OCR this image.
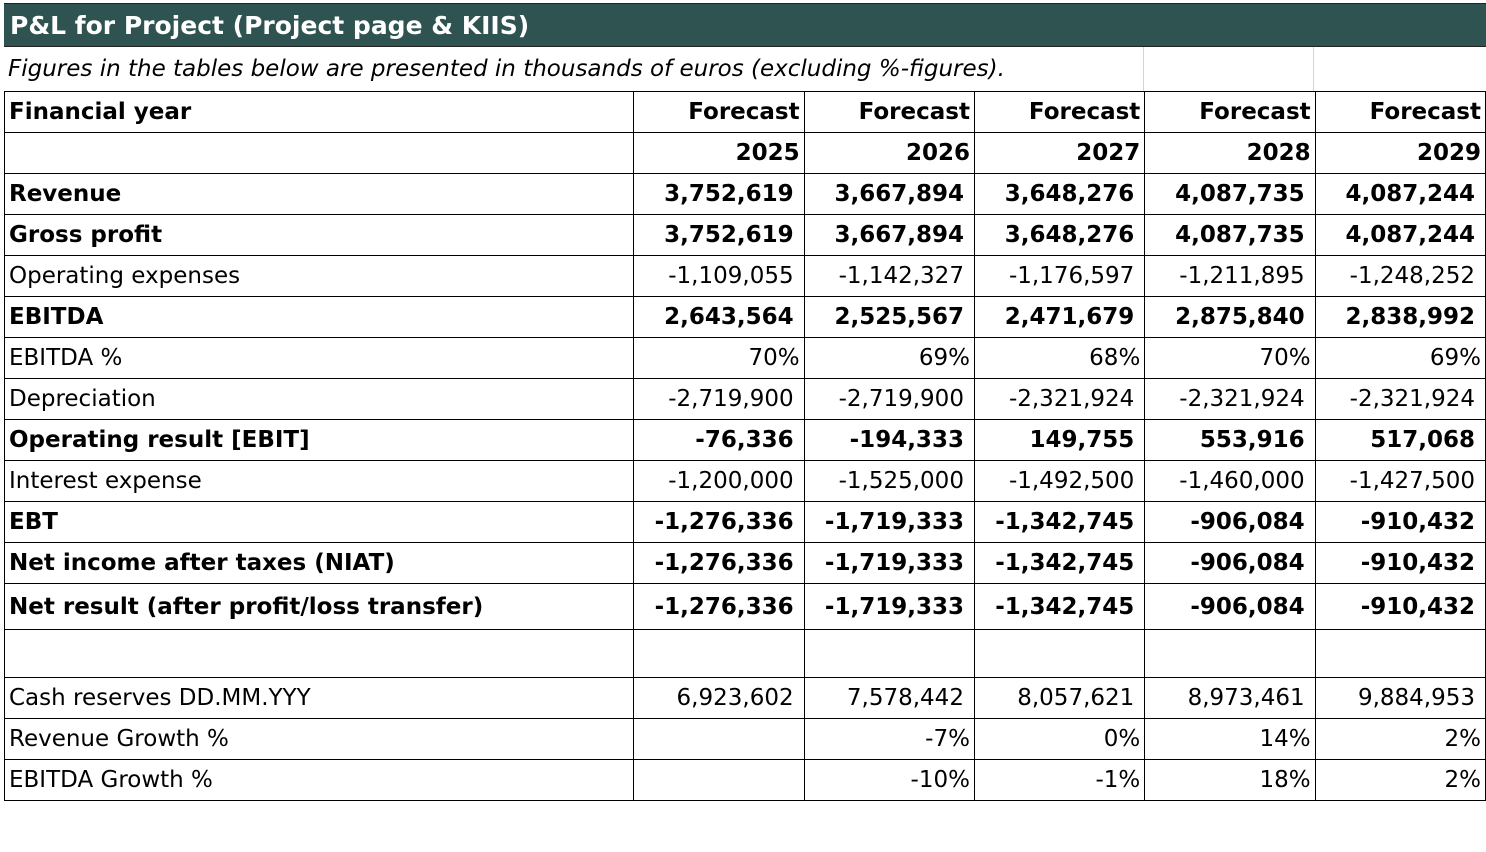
P&L for Project (Project page & KIIS)
Figures in the tables below are presented in thousands of euros (excluding %-figures).
Financial year	Forecast	Forecast	Forecast	Forecast	Forecast
	2025	2026	2027	2028	2029
Revenue	3,752,619	3,667,894	3,648,276	4,087,735	4,087,244
Gross profit	3,752,619	3,667,894	3,648,276	4,087,735	4,087,244
Operating expenses	-1,109,055	-1,142,327	-1,176,597	-1,211,895	-1,248,252
EBITDA	2,643,564	2,525,567	2,471,679	2,875,840	2,838,992
EBITDA %	70%	69%	68%	70%	69%
Depreciation	-2,719,900	-2,719,900	-2,321,924	-2,321,924	-2,321,924
Operating result [EBIT]	-76,336	-194,333	149,755	553,916	517,068
Interest expense	-1,200,000	-1,525,000	-1,492,500	-1,460,000	-1,427,500
EBT	-1,276,336	-1,719,333	-1,342,745	-906,084	-910,432
Net income after taxes (NIAT)	-1,276,336	-1,719,333	-1,342,745	-906,084	-910,432
Net result (after profit/loss transfer)	-1,276,336	-1,719,333	-1,342,745	-906,084	-910,432

Cash reserves DD.MM.YYY	6,923,602	7,578,442	8,057,621	8,973,461	9,884,953
Revenue Growth %		-7%	0%	14%	2%
EBITDA Growth %		-10%	-1%	18%	2%
